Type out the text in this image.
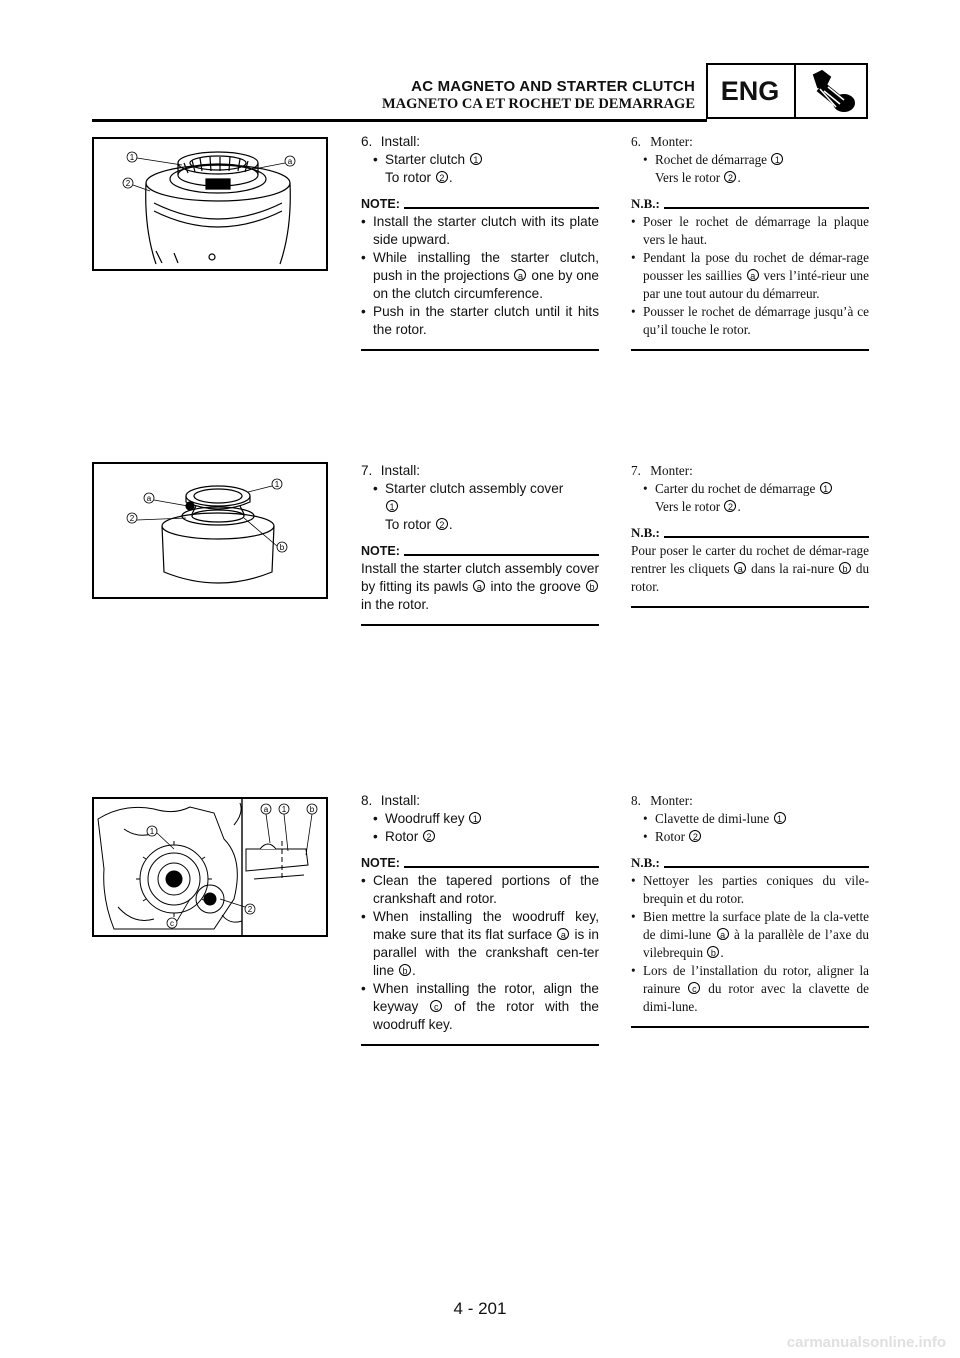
AC MAGNETO AND STARTER CLUTCH
MAGNETO CA ET ROCHET DE DEMARRAGE ENG
1
2
a
1
a
2
b
a 1	b
1
2
c

6. Install:

• Starter clutch 1

To rotor 2 .

NOTE:

• Install the starter clutch with its plate side upward.

• While installing the starter clutch, push in the projections a one by one on the clutch circumference.

• Push in the starter clutch until it hits the rotor.

6. Monter:

• Rochet de démarrage 1

Vers le rotor 2 .

N.B.:

• Poser le rochet de démarrage la plaque vers le haut.

• Pendant la pose du rochet de démar-rage pousser les saillies a vers l’inté-rieur une par une tout autour du démarreur.

• Pousser le rochet de démarrage jusqu’à ce qu’il touche le rotor.

7. Install:

• Starter clutch assembly cover
1

To rotor 2 .

NOTE:

Install the starter clutch assembly cover by fitting its pawls a into the groove b in the rotor.

7. Monter:

• Carter du rochet de démarrage 1

Vers le rotor 2 .

N.B.:

Pour poser le carter du rochet de démar-rage rentrer les cliquets a dans la rai-nure b du rotor.

8. Install:

• Woodruff key 1

• Rotor 2

NOTE:

• Clean the tapered portions of the crankshaft and rotor.

• When installing the woodruff key, make sure that its flat surface a is in parallel with the crankshaft cen-ter line b .

• When installing the rotor, align the keyway c of the rotor with the woodruff key.

8. Monter:

• Clavette de dimi-lune 1

• Rotor 2

N.B.:

• Nettoyer les parties coniques du vile-brequin et du rotor.

• Bien mettre la surface plate de la cla-vette de dimi-lune a à la parallèle de l’axe du vilebrequin b .

• Lors de l’installation du rotor, aligner la rainure c du rotor avec la clavette de dimi-lune.

4 - 201
carmanualsonline.info
